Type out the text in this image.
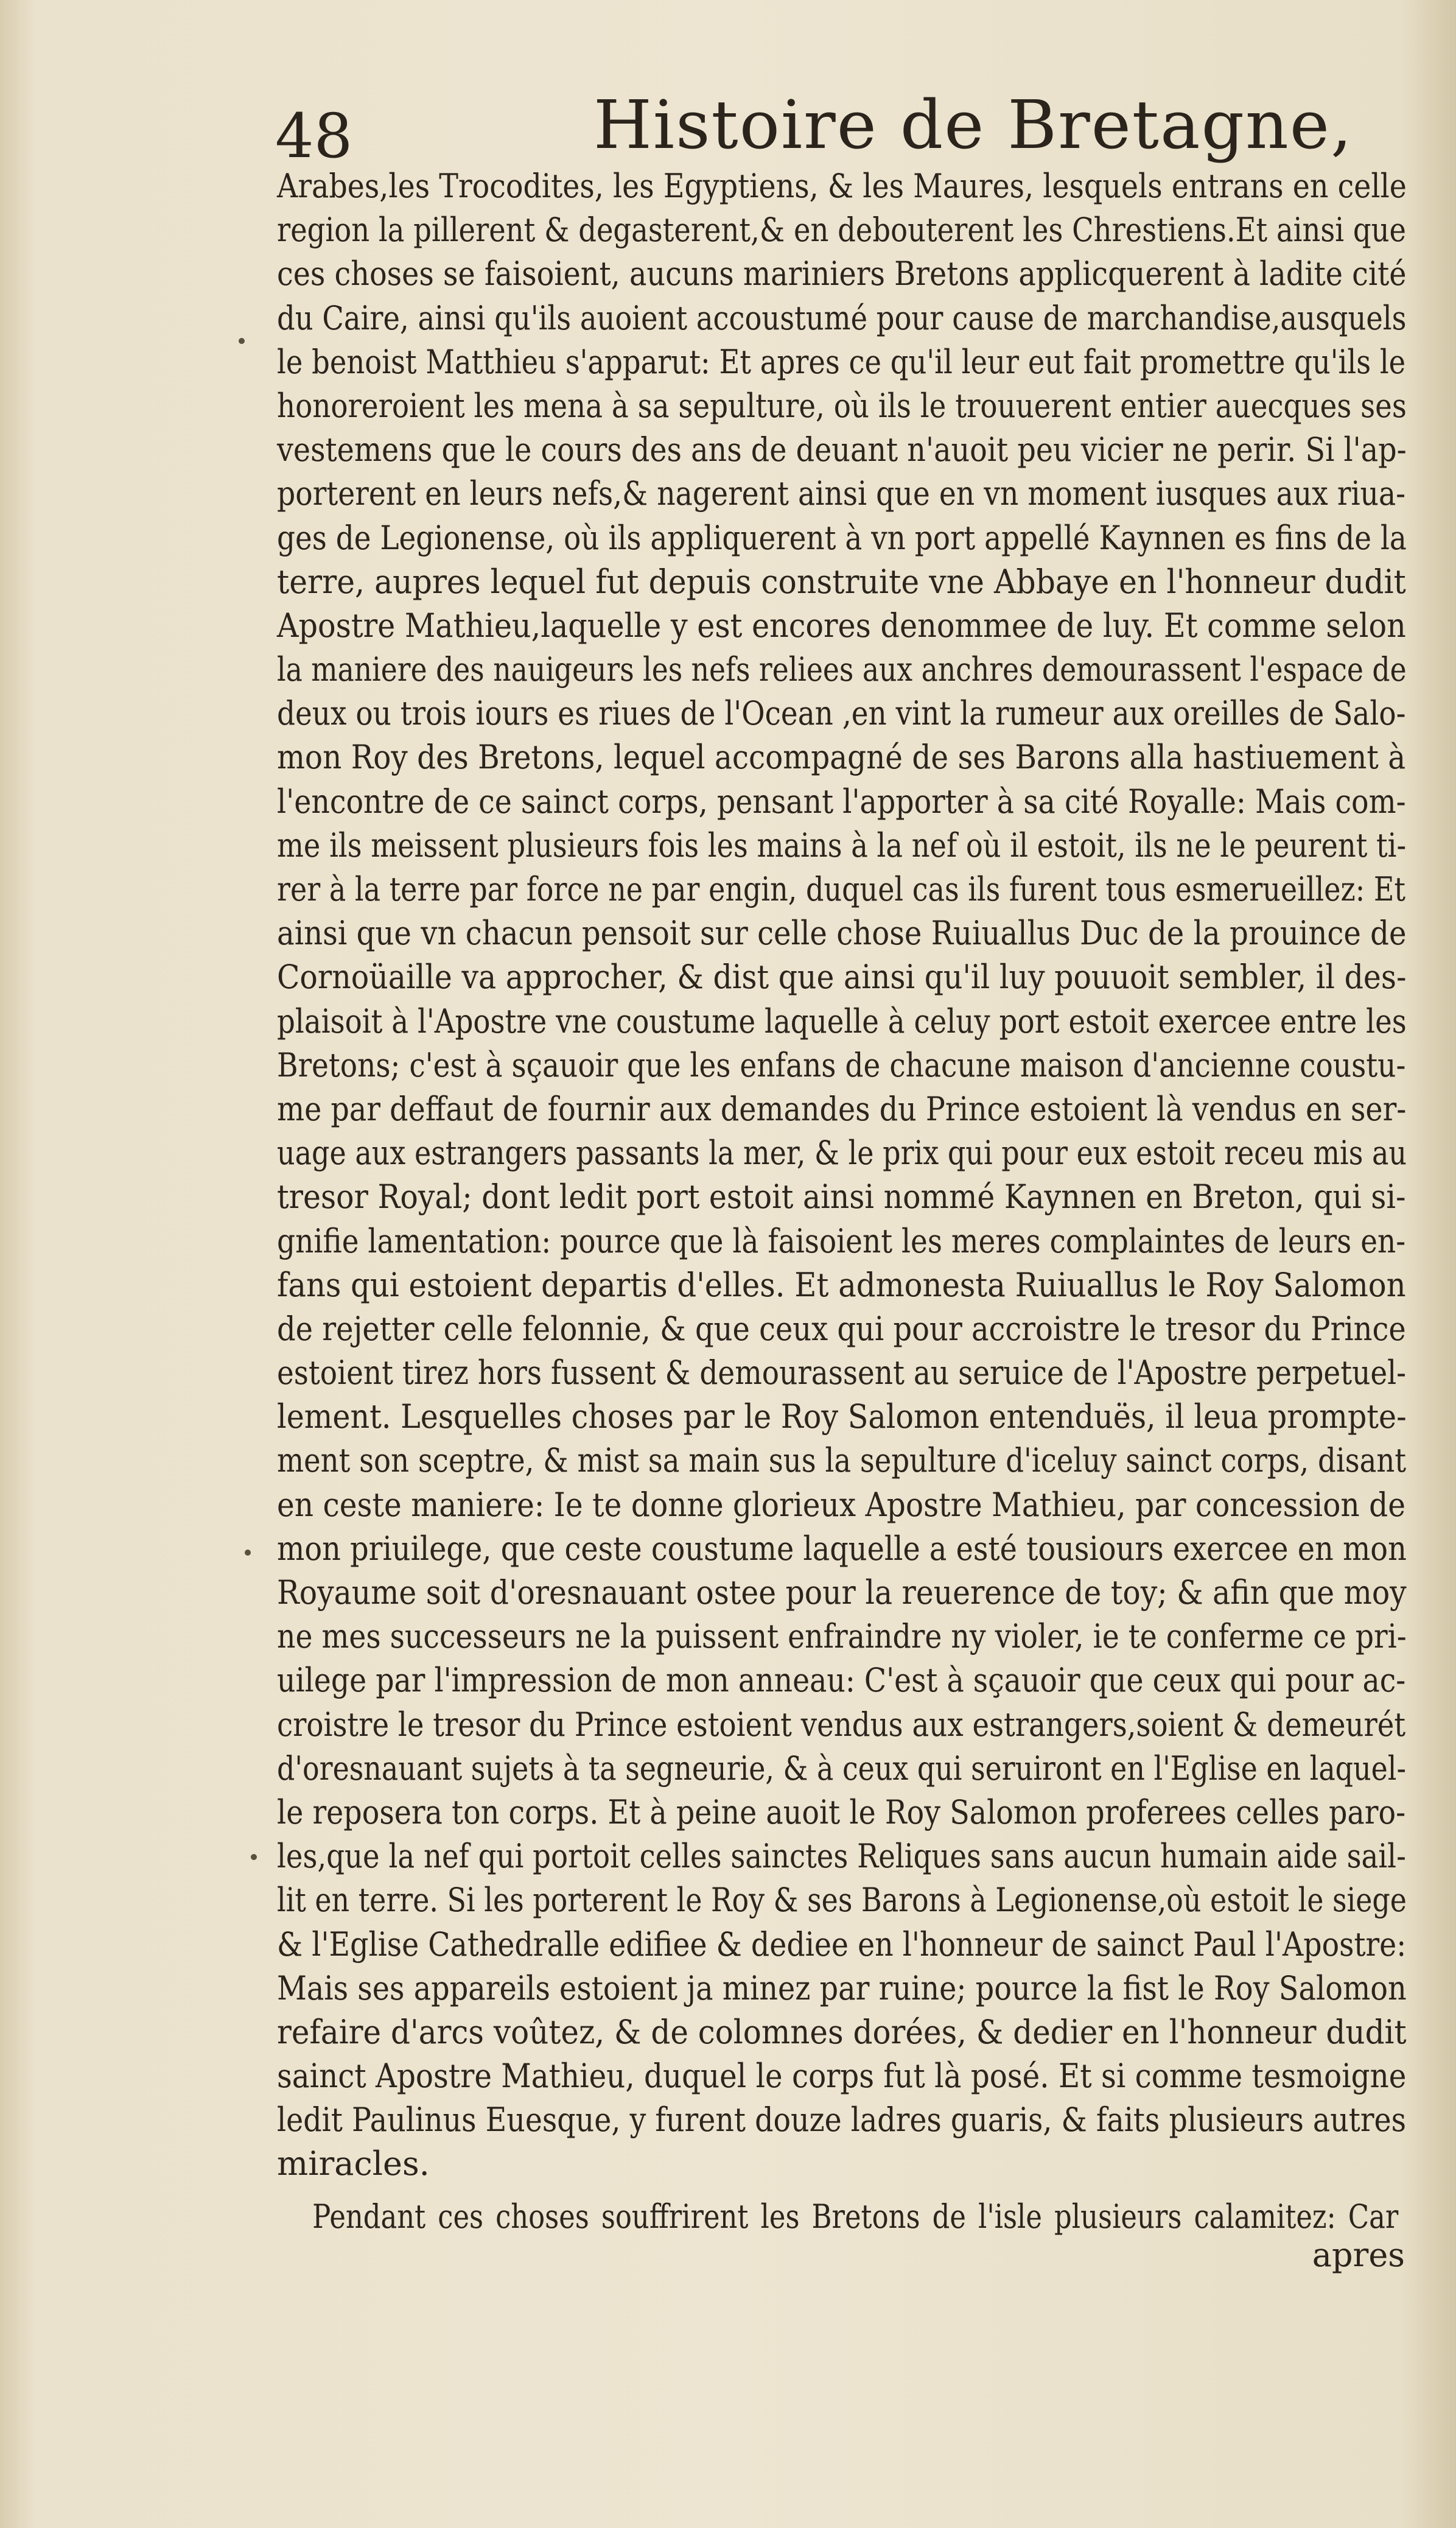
48	Histoire de Bretagne,
Arabes,les Trocodites, les Egyptiens, & les Maures, lesquels entrans en celle
region la pillerent & degasterent,& en debouterent les Chrestiens.Et ainsi que
ces choses se faisoient, aucuns mariniers Bretons applicquerent à ladite cité
du Caire, ainsi qu'ils auoient accoustumé pour cause de marchandise,ausquels
le benoist Matthieu s'apparut: Et apres ce qu'il leur eut fait promettre qu'ils le
honoreroient les mena à sa sepulture, où ils le trouuerent entier auecques ses
vestemens que le cours des ans de deuant n'auoit peu vicier ne perir. Si l'ap-
porterent en leurs nefs,& nagerent ainsi que en vn moment iusques aux riua-
ges de Legionense, où ils appliquerent à vn port appellé Kaynnen es fins de la
terre, aupres lequel fut depuis construite vne Abbaye en l'honneur dudit
Apostre Mathieu,laquelle y est encores denommee de luy. Et comme selon
la maniere des nauigeurs les nefs reliees aux anchres demourassent l'espace de
deux ou trois iours es riues de l'Ocean ,en vint la rumeur aux oreilles de Salo-
mon Roy des Bretons, lequel accompagné de ses Barons alla hastiuement à
l'encontre de ce sainct corps, pensant l'apporter à sa cité Royalle: Mais com-
me ils meissent plusieurs fois les mains à la nef où il estoit, ils ne le peurent ti-
rer à la terre par force ne par engin, duquel cas ils furent tous esmerueillez: Et
ainsi que vn chacun pensoit sur celle chose Ruiuallus Duc de la prouince de
Cornoüaille va approcher, & dist que ainsi qu'il luy pouuoit sembler, il des-
plaisoit à l'Apostre vne coustume laquelle à celuy port estoit exercee entre les
Bretons; c'est à sçauoir que les enfans de chacune maison d'ancienne coustu-
me par deffaut de fournir aux demandes du Prince estoient là vendus en ser-
uage aux estrangers passants la mer, & le prix qui pour eux estoit receu mis au
tresor Royal; dont ledit port estoit ainsi nommé Kaynnen en Breton, qui si-
gnifie lamentation: pource que là faisoient les meres complaintes de leurs en-
fans qui estoient departis d'elles. Et admonesta Ruiuallus le Roy Salomon
de rejetter celle felonnie, & que ceux qui pour accroistre le tresor du Prince
estoient tirez hors fussent & demourassent au seruice de l'Apostre perpetuel-
lement. Lesquelles choses par le Roy Salomon entenduës, il leua prompte-
ment son sceptre, & mist sa main sus la sepulture d'iceluy sainct corps, disant
en ceste maniere: Ie te donne glorieux Apostre Mathieu, par concession de
mon priuilege, que ceste coustume laquelle a esté tousiours exercee en mon
Royaume soit d'oresnauant ostee pour la reuerence de toy; & afin que moy
ne mes successeurs ne la puissent enfraindre ny violer, ie te conferme ce pri-
uilege par l'impression de mon anneau: C'est à sçauoir que ceux qui pour ac-
croistre le tresor du Prince estoient vendus aux estrangers,soient & demeurét
d'oresnauant sujets à ta segneurie, & à ceux qui seruiront en l'Eglise en laquel-
le reposera ton corps. Et à peine auoit le Roy Salomon proferees celles paro-
les,que la nef qui portoit celles sainctes Reliques sans aucun humain aide sail-
lit en terre. Si les porterent le Roy & ses Barons à Legionense,où estoit le siege
& l'Eglise Cathedralle edifiee & dediee en l'honneur de sainct Paul l'Apostre:
Mais ses appareils estoient ja minez par ruine; pource la fist le Roy Salomon
refaire d'arcs voûtez, & de colomnes dorées, & dedier en l'honneur dudit
sainct Apostre Mathieu, duquel le corps fut là posé. Et si comme tesmoigne
ledit Paulinus Euesque, y furent douze ladres guaris, & faits plusieurs autres
miracles.
Pendant ces choses souffrirent les Bretons de l'isle plusieurs calamitez: Car
apres
